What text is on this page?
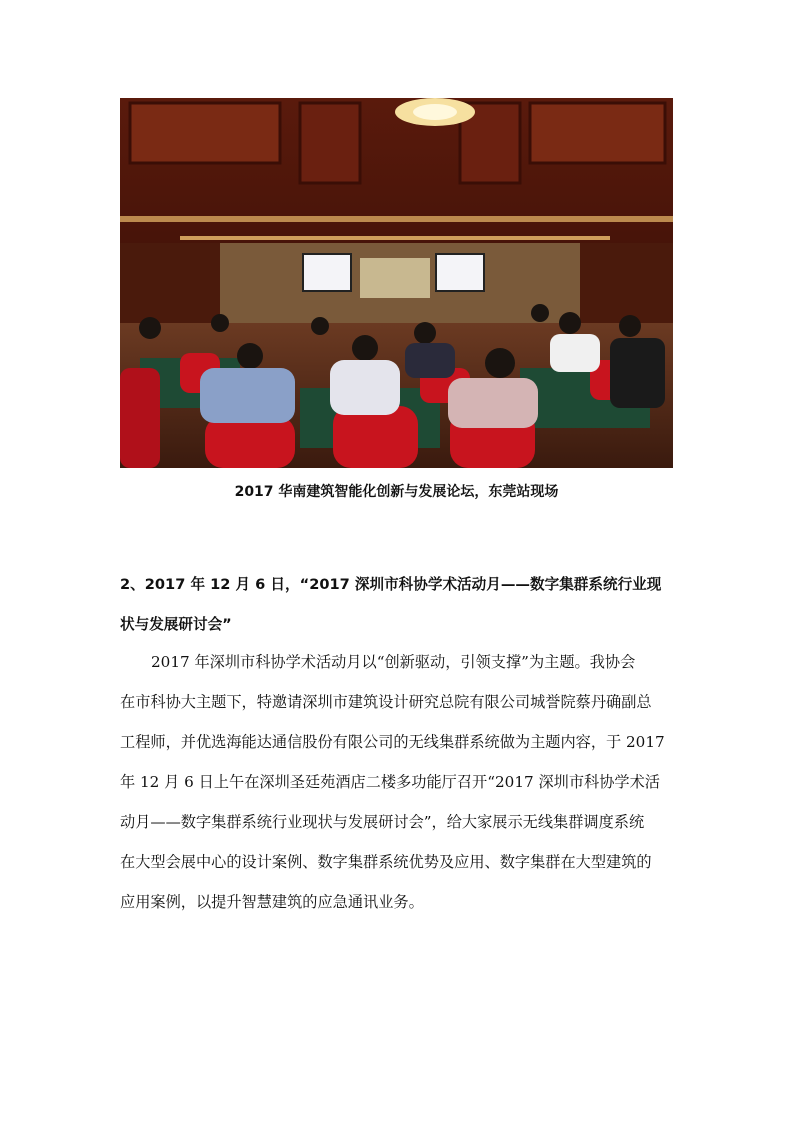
2017 华南建筑智能化创新与发展论坛，东莞站现场
2、2017 年 12 月 6 日，“2017 深圳市科协学术活动月——数字集群系统行业现
状与发展研讨会”
2017 年深圳市科协学术活动月以“创新驱动，引领支撑”为主题。我协会
在市科协大主题下，特邀请深圳市建筑设计研究总院有限公司城誉院蔡丹确副总
工程师，并优选海能达通信股份有限公司的无线集群系统做为主题内容，于 2017
年 12 月 6 日上午在深圳圣廷苑酒店二楼多功能厅召开“2017 深圳市科协学术活
动月——数字集群系统行业现状与发展研讨会”，给大家展示无线集群调度系统
在大型会展中心的设计案例、数字集群系统优势及应用、数字集群在大型建筑的
应用案例，以提升智慧建筑的应急通讯业务。
